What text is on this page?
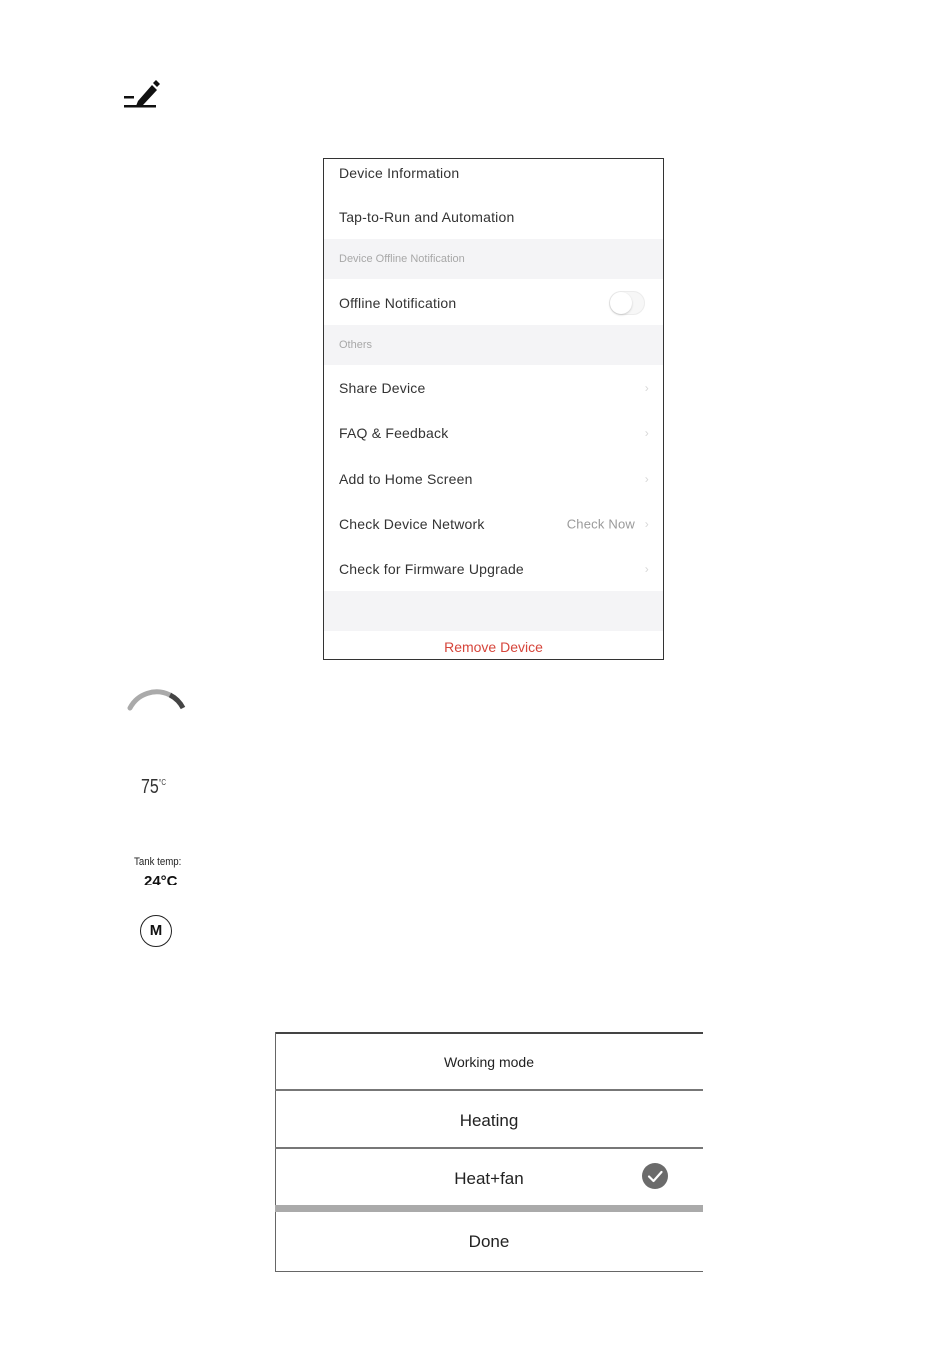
Device Information
Tap-to-Run and Automation
Device Offline Notification
Offline Notification
Others
Share Device	›
FAQ & Feedback	›
Add to Home Screen	›
Check Device Network	Check Now ›
Check for Firmware Upgrade	›
Remove Device
$75^{^\circ C}$
Tank temp:
24°C
M
Working mode
Heating
Heat+fan
Done
